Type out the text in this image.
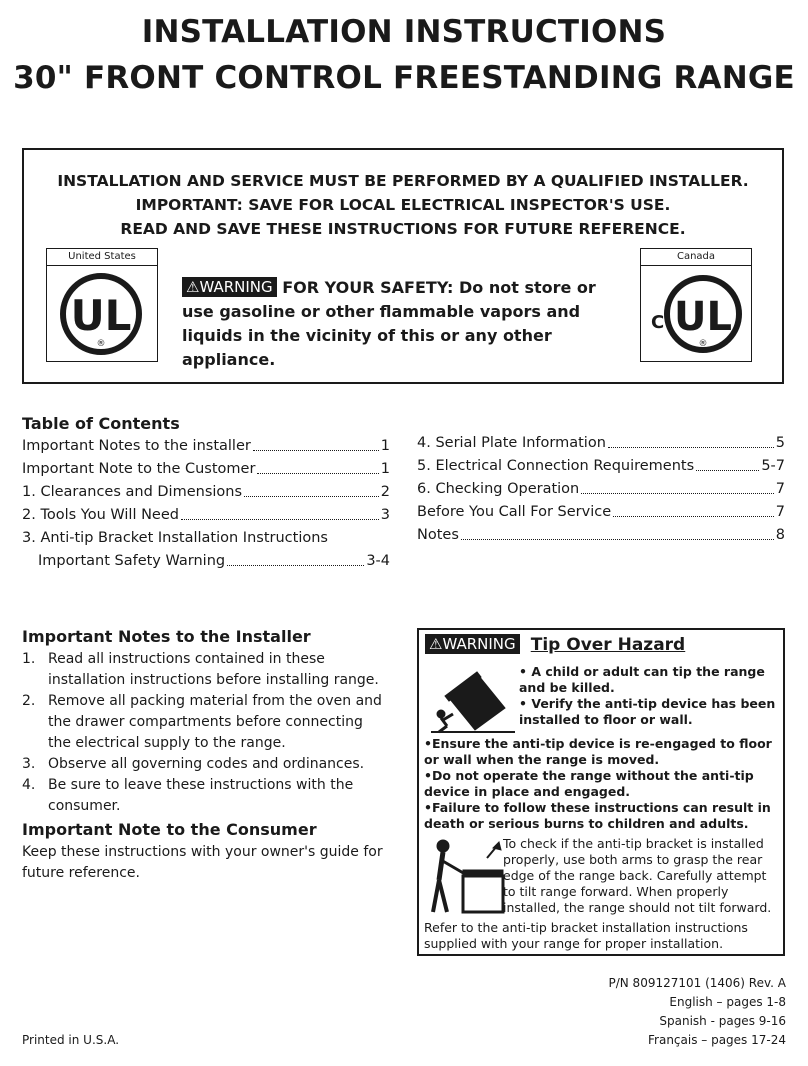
INSTALLATION INSTRUCTIONS
30" FRONT CONTROL FREESTANDING RANGE
INSTALLATION AND SERVICE MUST BE PERFORMED BY A QUALIFIED INSTALLER.
IMPORTANT: SAVE FOR LOCAL ELECTRICAL INSPECTOR'S USE.
READ AND SAVE THESE INSTRUCTIONS FOR FUTURE REFERENCE.
United States
UL
®
Canada
C UL
®
⚠WARNING FOR YOUR SAFETY: Do not store or use gasoline or other flammable vapors and liquids in the vicinity of this or any other appliance.
Table of Contents
Important Notes to the installer	1
Important Note to the Customer	1
1. Clearances and Dimensions	2
2. Tools You Will Need	3
3. Anti-tip Bracket Installation Instructions
Important Safety Warning	3-4
4. Serial Plate Information	5
5. Electrical Connection Requirements	5-7
6. Checking Operation	7
Before You Call For Service	7
Notes	8
Important Notes to the Installer
1. Read all instructions contained in these installation instructions before installing range.
2. Remove all packing material from the oven and the drawer compartments before connecting the electrical supply to the range.
3. Observe all governing codes and ordinances.
4. Be sure to leave these instructions with the consumer.
Important Note to the Consumer
Keep these instructions with your owner's guide for future reference.
⚠WARNING Tip Over Hazard
• A child or adult can tip the range and be killed.
• Verify the anti-tip device has been installed to floor or wall.
•Ensure the anti-tip device is re-engaged to floor or wall when the range is moved.
•Do not operate the range without the anti-tip device in place and engaged.
•Failure to follow these instructions can result in death or serious burns to children and adults.
To check if the anti-tip bracket is installed properly, use both arms to grasp the rear edge of the range back. Carefully attempt to tilt range forward. When properly installed, the range should not tilt forward.
Refer to the anti-tip bracket installation instructions supplied with your range for proper installation.
Printed in U.S.A.
P/N 809127101 (1406) Rev. A
English – pages 1-8
Spanish - pages 9-16
Français – pages 17-24
